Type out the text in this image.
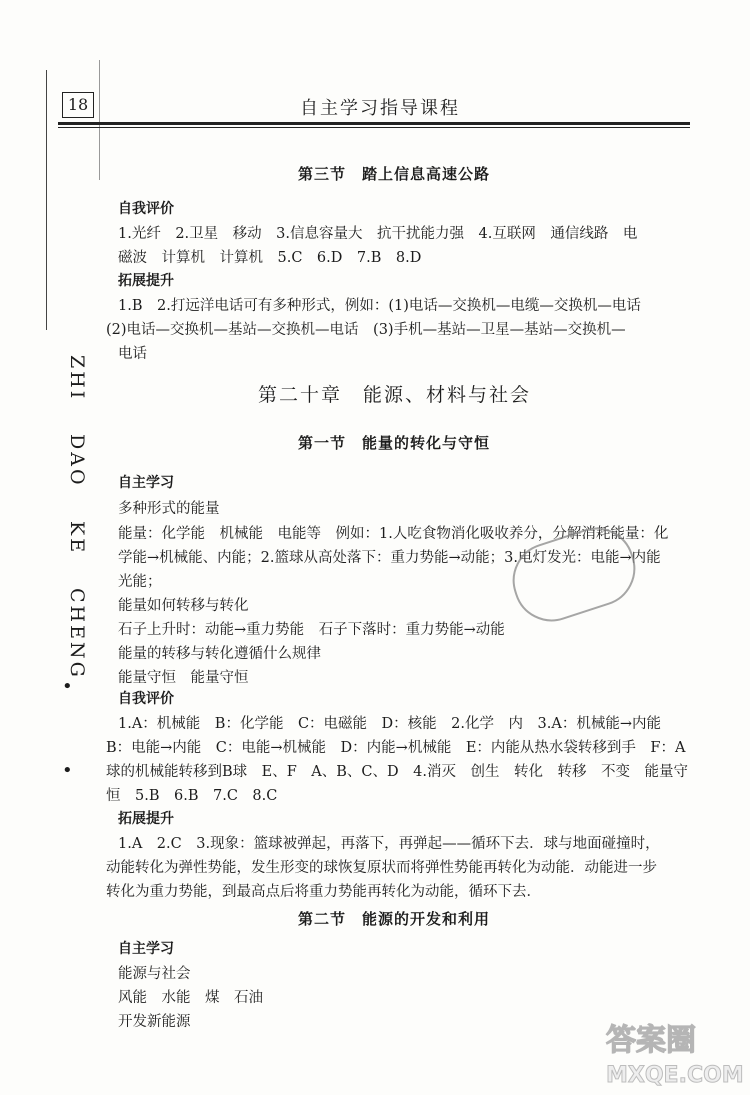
18	自主学习指导课程
ZHI DAO KE CHENG
•

•
第三节　踏上信息高速公路
自我评价
1.光纤　2.卫星　移动　3.信息容量大　抗干扰能力强　4.互联网　通信线路　电
磁波　计算机　计算机　5.C　6.D　7.B　8.D
拓展提升
1.B　2.打远洋电话可有多种形式，例如：(1)电话—交换机—电缆—交换机—电话
(2)电话—交换机—基站—交换机—电话　(3)手机—基站—卫星—基站—交换机—
电话
第二十章　能源、材料与社会
第一节　能量的转化与守恒
自主学习
多种形式的能量
能量：化学能　机械能　电能等　例如：1.人吃食物消化吸收养分，分解消耗能量：化
学能→机械能、内能；2.篮球从高处落下：重力势能→动能；3.电灯发光：电能→内能
光能；
能量如何转移与转化
石子上升时：动能→重力势能　石子下落时：重力势能→动能
能量的转移与转化遵循什么规律
能量守恒　能量守恒
自我评价
1.A：机械能　B：化学能　C：电磁能　D：核能　2.化学　内　3.A：机械能→内能
B：电能→内能　C：电能→机械能　D：内能→机械能　E：内能从热水袋转移到手　F：A
球的机械能转移到B球　E、F　A、B、C、D　4.消灭　创生　转化　转移　不变　能量守
恒　5.B　6.B　7.C　8.C
拓展提升
1.A　2.C　3.现象：篮球被弹起，再落下，再弹起——循环下去．球与地面碰撞时，
动能转化为弹性势能，发生形变的球恢复原状而将弹性势能再转化为动能．动能进一步
转化为重力势能，到最高点后将重力势能再转化为动能，循环下去．
第二节　能源的开发和利用
自主学习
能源与社会
风能　水能　煤　石油
开发新能源
答案圈
MXQE.COM
